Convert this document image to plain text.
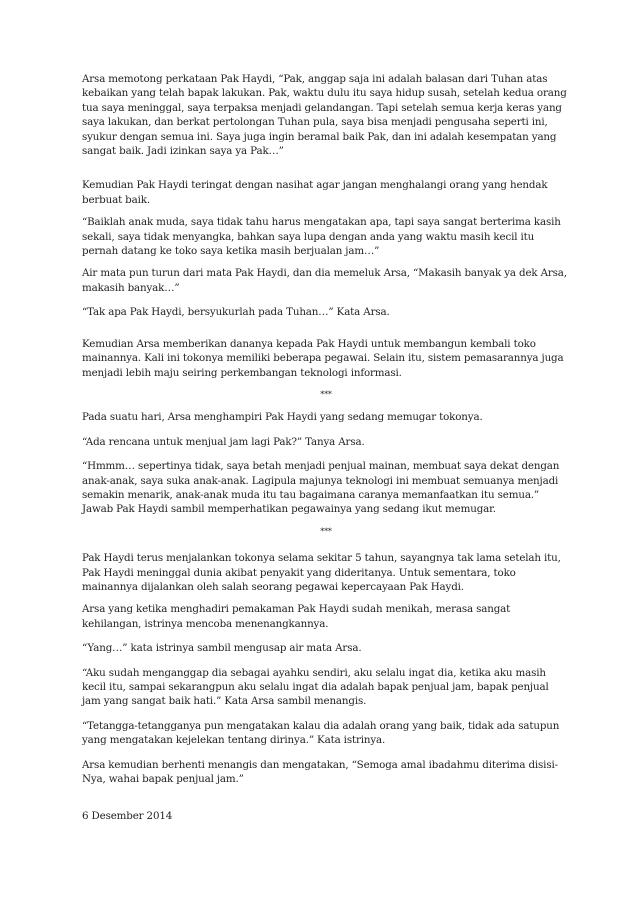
Arsa memotong perkataan Pak Haydi, “Pak, anggap saja ini adalah balasan dari Tuhan atas kebaikan yang telah bapak lakukan. Pak, waktu dulu itu saya hidup susah, setelah kedua orang tua saya meninggal, saya terpaksa menjadi gelandangan. Tapi setelah semua kerja keras yang saya lakukan, dan berkat pertolongan Tuhan pula, saya bisa menjadi pengusaha seperti ini, syukur dengan semua ini. Saya juga ingin beramal baik Pak, dan ini adalah kesempatan yang sangat baik. Jadi izinkan saya ya Pak…”

Kemudian Pak Haydi teringat dengan nasihat agar jangan menghalangi orang yang hendak berbuat baik.

“Baiklah anak muda, saya tidak tahu harus mengatakan apa, tapi saya sangat berterima kasih sekali, saya tidak menyangka, bahkan saya lupa dengan anda yang waktu masih kecil itu pernah datang ke toko saya ketika masih berjualan jam…”

Air mata pun turun dari mata Pak Haydi, dan dia memeluk Arsa, “Makasih banyak ya dek Arsa, makasih banyak…”

“Tak apa Pak Haydi, bersyukurlah pada Tuhan…” Kata Arsa.

Kemudian Arsa memberikan dananya kepada Pak Haydi untuk membangun kembali toko mainannya. Kali ini tokonya memiliki beberapa pegawai. Selain itu, sistem pemasarannya juga menjadi lebih maju seiring perkembangan teknologi informasi.

***

Pada suatu hari, Arsa menghampiri Pak Haydi yang sedang memugar tokonya.

“Ada rencana untuk menjual jam lagi Pak?” Tanya Arsa.

“Hmmm… sepertinya tidak, saya betah menjadi penjual mainan, membuat saya dekat dengan anak-anak, saya suka anak-anak. Lagipula majunya teknologi ini membuat semuanya menjadi semakin menarik, anak-anak muda itu tau bagaimana caranya memanfaatkan itu semua.” Jawab Pak Haydi sambil memperhatikan pegawainya yang sedang ikut memugar.

***

Pak Haydi terus menjalankan tokonya selama sekitar 5 tahun, sayangnya tak lama setelah itu, Pak Haydi meninggal dunia akibat penyakit yang dideritanya. Untuk sementara, toko mainannya dijalankan oleh salah seorang pegawai kepercayaan Pak Haydi.

Arsa yang ketika menghadiri pemakaman Pak Haydi sudah menikah, merasa sangat kehilangan, istrinya mencoba menenangkannya.

“Yang…” kata istrinya sambil mengusap air mata Arsa.

“Aku sudah menganggap dia sebagai ayahku sendiri, aku selalu ingat dia, ketika aku masih kecil itu, sampai sekarangpun aku selalu ingat dia adalah bapak penjual jam, bapak penjual jam yang sangat baik hati.” Kata Arsa sambil menangis.

“Tetangga-tetangganya pun mengatakan kalau dia adalah orang yang baik, tidak ada satupun yang mengatakan kejelekan tentang dirinya.” Kata istrinya.

Arsa kemudian berhenti menangis dan mengatakan, “Semoga amal ibadahmu diterima disisi-Nya, wahai bapak penjual jam.”

6 Desember 2014
